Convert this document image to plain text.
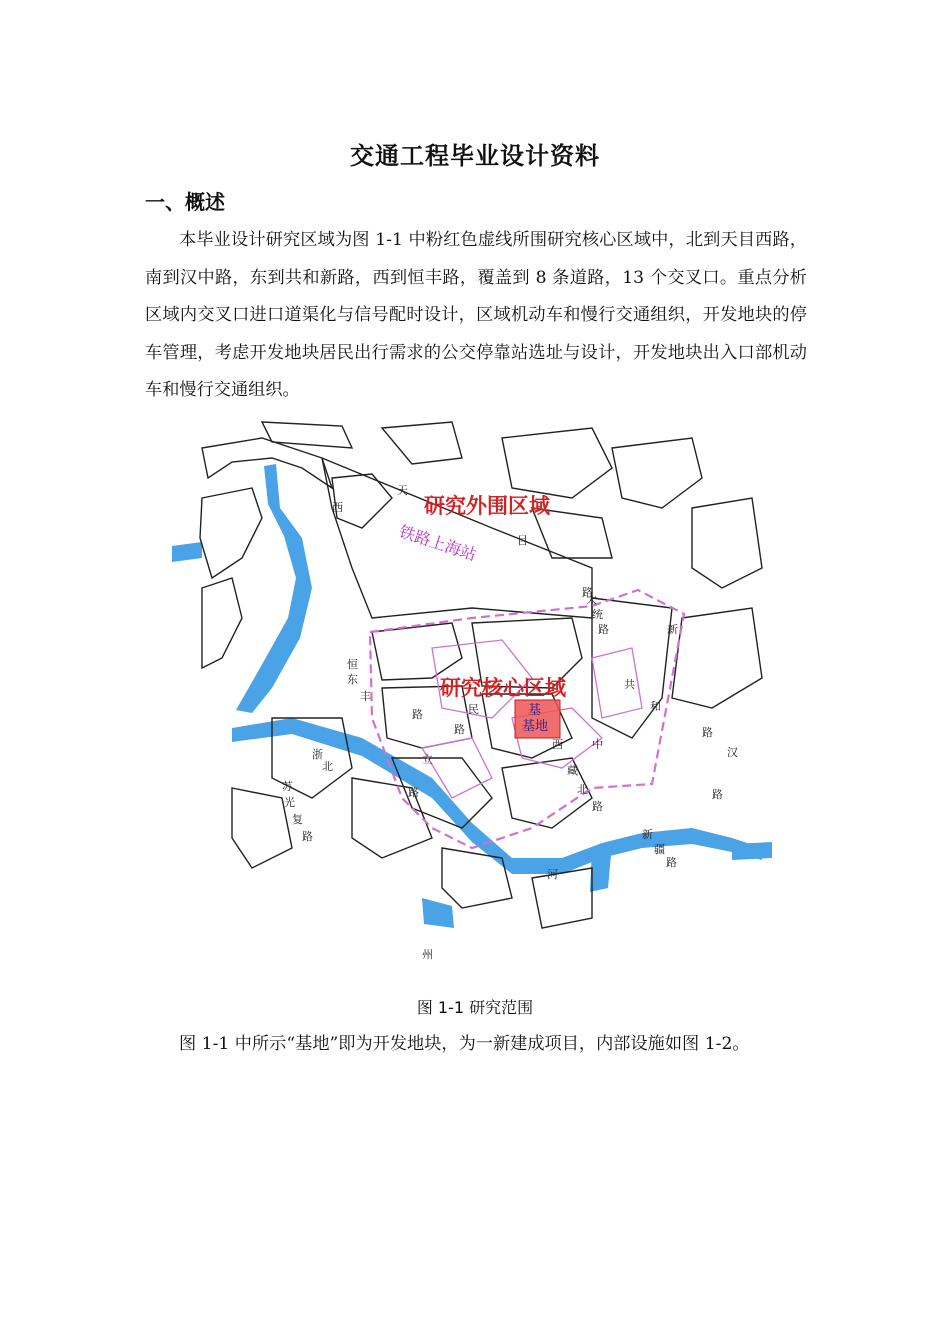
交通工程毕业设计资料
一、概述

本毕业设计研究区域为图 1-1 中粉红色虚线所围研究核心区域中，北到天目西路，南到汉中路，东到共和新路，西到恒丰路，覆盖到 8 条道路，13 个交叉口。重点分析区域内交叉口进口道渠化与信号配时设计，区域机动车和慢行交通组织，开发地块的停车管理，考虑开发地块居民出行需求的公交停靠站选址与设计，开发地块出入口部机动车和慢行交通组织。

基
基地
研究外围区域
研究核心区域
铁路上海站
天
目
西
路
恒
丰
路
共
和
新
路
汉
中
路
民
立
路
苏
州
河
东
浙
北
路
西
藏
北
路
大
统
路
光
复
路	新
疆
路
图 1-1 研究范围

图 1-1 中所示“基地”即为开发地块，为一新建成项目，内部设施如图 1-2。
